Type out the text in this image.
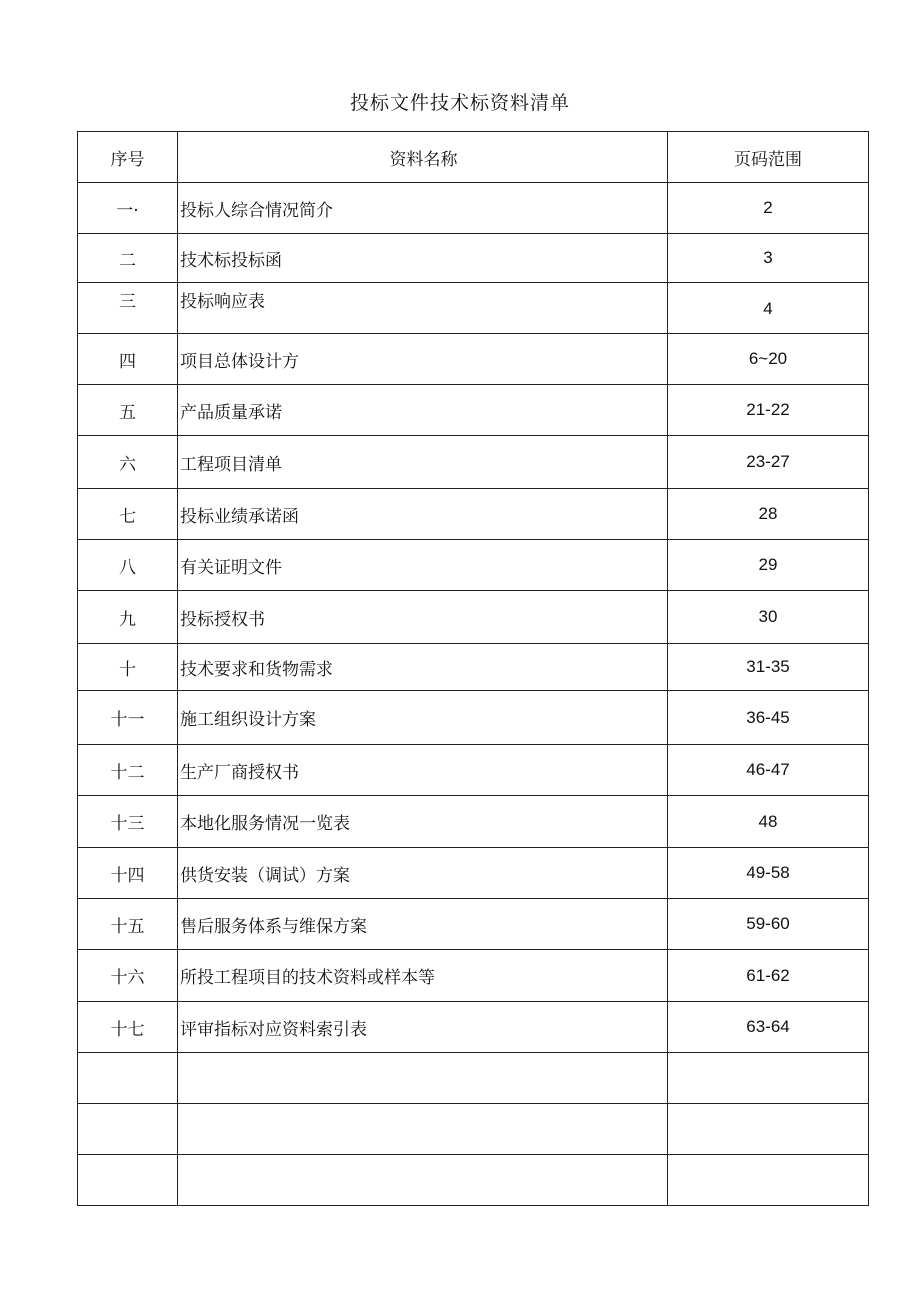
投标文件技术标资料清单
序号	资料名称	页码范围
一·	投标人综合情况简介	2
二	技术标投标函	3
三	投标响应表	4
四	项目总体设计方	6~20
五	产品质量承诺	21-22
六	工程项目清单	23-27
七	投标业绩承诺函	28
八	有关证明文件	29
九	投标授权书	30
十	技术要求和货物需求	31-35
十一	施工组织设计方案	36-45
十二	生产厂商授权书	46-47
十三	本地化服务情况一览表	48
十四	供货安装（调试）方案	49-58
十五	售后服务体系与维保方案	59-60
十六	所投工程项目的技术资料或样本等	61-62
十七	评审指标对应资料索引表	63-64
